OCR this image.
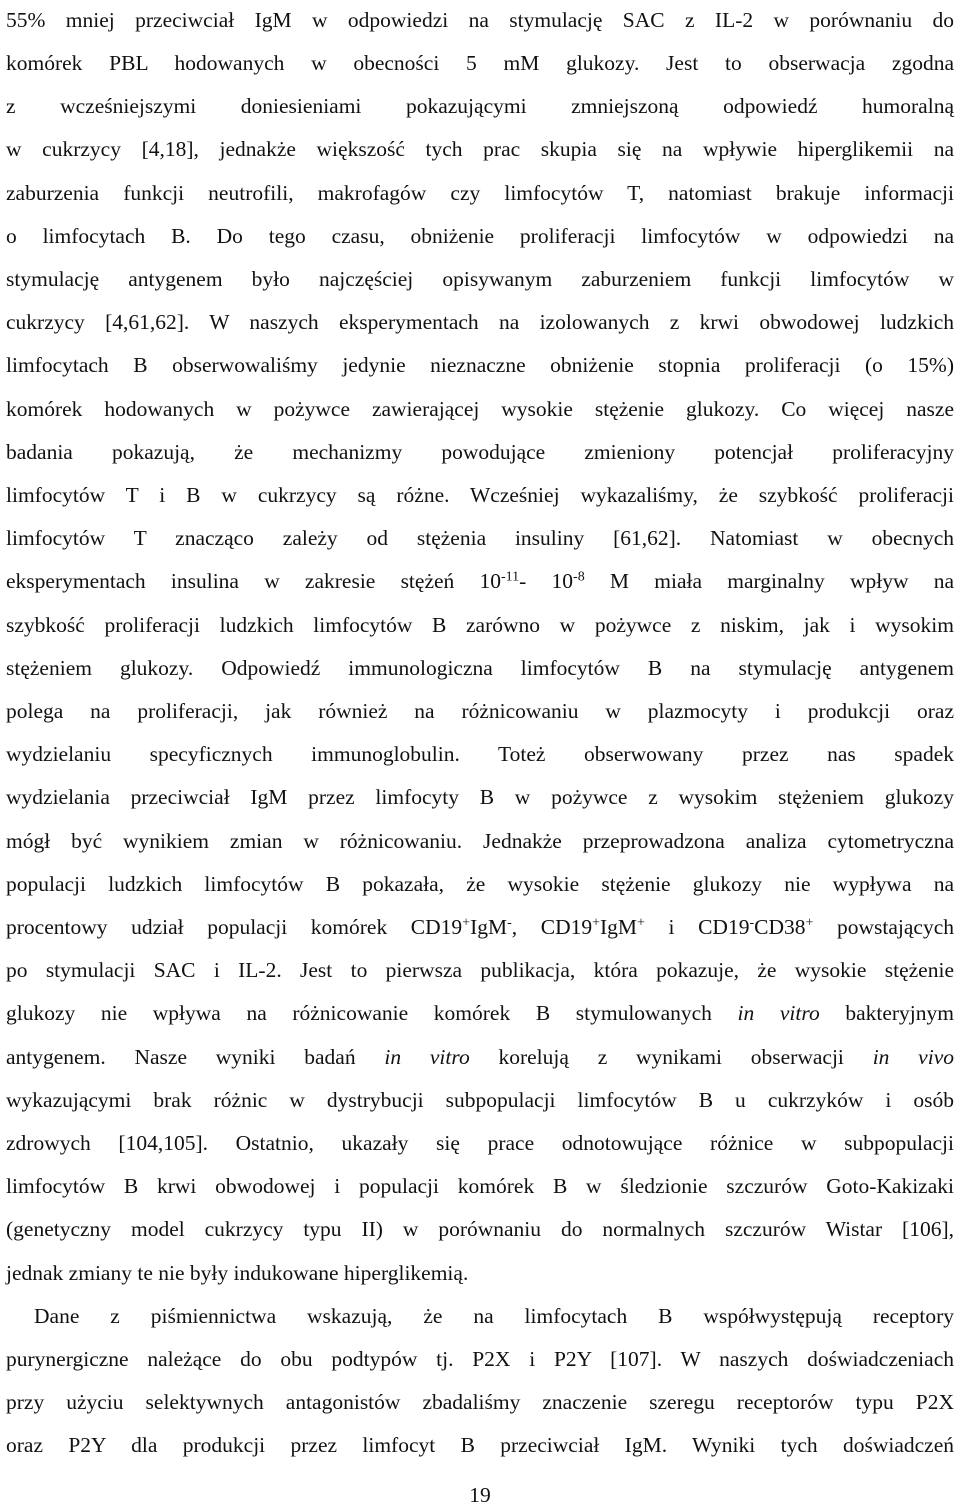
55% mniej przeciwciał IgM w odpowiedzi na stymulację SAC z IL-2 w porównaniu do
komórek PBL hodowanych w obecności 5 mM glukozy. Jest to obserwacja zgodna
z wcześniejszymi doniesieniami pokazującymi zmniejszoną odpowiedź humoralną
w cukrzycy [4,18], jednakże większość tych prac skupia się na wpływie hiperglikemii na
zaburzenia funkcji neutrofili, makrofagów czy limfocytów T, natomiast brakuje informacji
o limfocytach B. Do tego czasu, obniżenie proliferacji limfocytów w odpowiedzi na
stymulację antygenem było najczęściej opisywanym zaburzeniem funkcji limfocytów w
cukrzycy [4,61,62]. W naszych eksperymentach na izolowanych z krwi obwodowej ludzkich
limfocytach B obserwowaliśmy jedynie nieznaczne obniżenie stopnia proliferacji (o 15%)
komórek hodowanych w pożywce zawierającej wysokie stężenie glukozy. Co więcej nasze
badania pokazują, że mechanizmy powodujące zmieniony potencjał proliferacyjny
limfocytów T i B w cukrzycy są różne. Wcześniej wykazaliśmy, że szybkość proliferacji
limfocytów T znacząco zależy od stężenia insuliny [61,62]. Natomiast w obecnych
eksperymentach insulina w zakresie stężeń $10^{-11}-$ $10^{-8}$ M miała marginalny wpływ na
szybkość proliferacji ludzkich limfocytów B zarówno w pożywce z niskim, jak i wysokim
stężeniem glukozy. Odpowiedź immunologiczna limfocytów B na stymulację antygenem
polega na proliferacji, jak również na różnicowaniu w plazmocyty i produkcji oraz
wydzielaniu specyficznych immunoglobulin. Toteż obserwowany przez nas spadek
wydzielania przeciwciał IgM przez limfocyty B w pożywce z wysokim stężeniem glukozy
mógł być wynikiem zmian w różnicowaniu. Jednakże przeprowadzona analiza cytometryczna
populacji ludzkich limfocytów B pokazała, że wysokie stężenie glukozy nie wypływa na
procentowy udział populacji komórek CD19+IgM-, CD19+IgM+ i CD19-CD38+ powstających
po stymulacji SAC i IL-2. Jest to pierwsza publikacja, która pokazuje, że wysokie stężenie
glukozy nie wpływa na różnicowanie komórek B stymulowanych in vitro bakteryjnym
antygenem. Nasze wyniki badań in vitro korelują z wynikami obserwacji in vivo
wykazującymi brak różnic w dystrybucji subpopulacji limfocytów B u cukrzyków i osób
zdrowych [104,105]. Ostatnio, ukazały się prace odnotowujące różnice w subpopulacji
limfocytów B krwi obwodowej i populacji komórek B w śledzionie szczurów Goto-Kakizaki
(genetyczny model cukrzycy typu II) w porównaniu do normalnych szczurów Wistar [106],
jednak zmiany te nie były indukowane hiperglikemią.
Dane z piśmiennictwa wskazują, że na limfocytach B współwystępują receptory
purynergiczne należące do obu podtypów tj. P2X i P2Y [107]. W naszych doświadczeniach
przy użyciu selektywnych antagonistów zbadaliśmy znaczenie szeregu receptorów typu P2X
oraz P2Y dla produkcji przez limfocyt B przeciwciał IgM. Wyniki tych doświadczeń
19
